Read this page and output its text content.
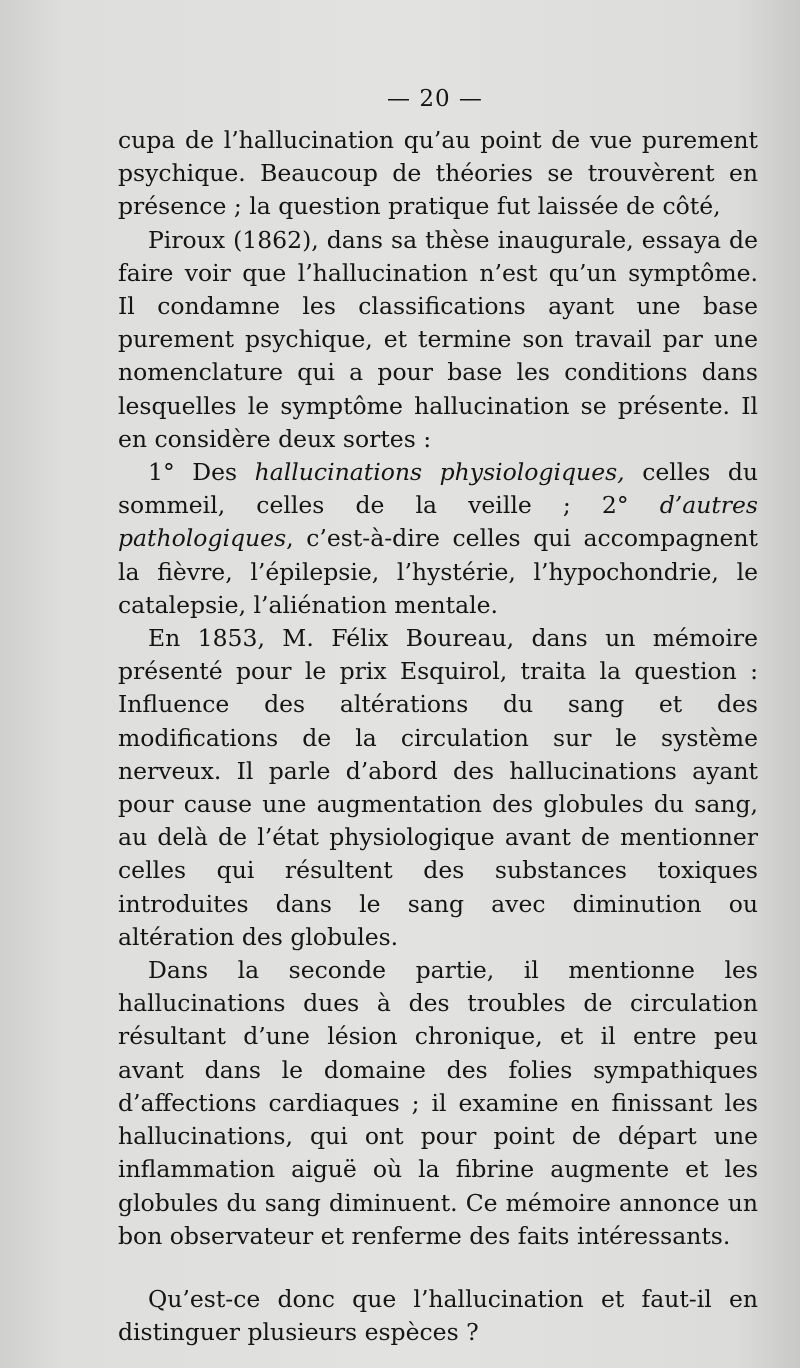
— 20 —

cupa de l’hallucination qu’au point de vue purement psychique. Beaucoup de théories se trouvèrent en présence ; la question pratique fut laissée de côté,

Piroux (1862), dans sa thèse inaugurale, essaya de faire voir que l’hallucination n’est qu’un symptôme. Il condamne les classifications ayant une base purement psychique, et termine son travail par une nomenclature qui a pour base les conditions dans lesquelles le symptôme hallucination se présente. Il en considère deux sortes :

1° Des hallucinations physiologiques, celles du sommeil, celles de la veille ; 2° d’autres pathologiques, c’est-à-dire celles qui accompagnent la fièvre, l’épilepsie, l’hystérie, l’hypochondrie, le catalepsie, l’aliénation mentale.

En 1853, M. Félix Boureau, dans un mémoire présenté pour le prix Esquirol, traita la question : Influence des altérations du sang et des modifications de la circulation sur le système nerveux. Il parle d’abord des hallucinations ayant pour cause une augmentation des globules du sang, au delà de l’état physiologique avant de mentionner celles qui résultent des substances toxiques introduites dans le sang avec diminution ou altération des globules.

Dans la seconde partie, il mentionne les hallucinations dues à des troubles de circulation résultant d’une lésion chronique, et il entre peu avant dans le domaine des folies sympathiques d’affections cardiaques ; il examine en finissant les hallucinations, qui ont pour point de départ une inflammation aiguë où la fibrine augmente et les globules du sang diminuent. Ce mémoire annonce un bon observateur et renferme des faits intéressants.

Qu’est-ce donc que l’hallucination et faut-il en distinguer plusieurs espèces ?
